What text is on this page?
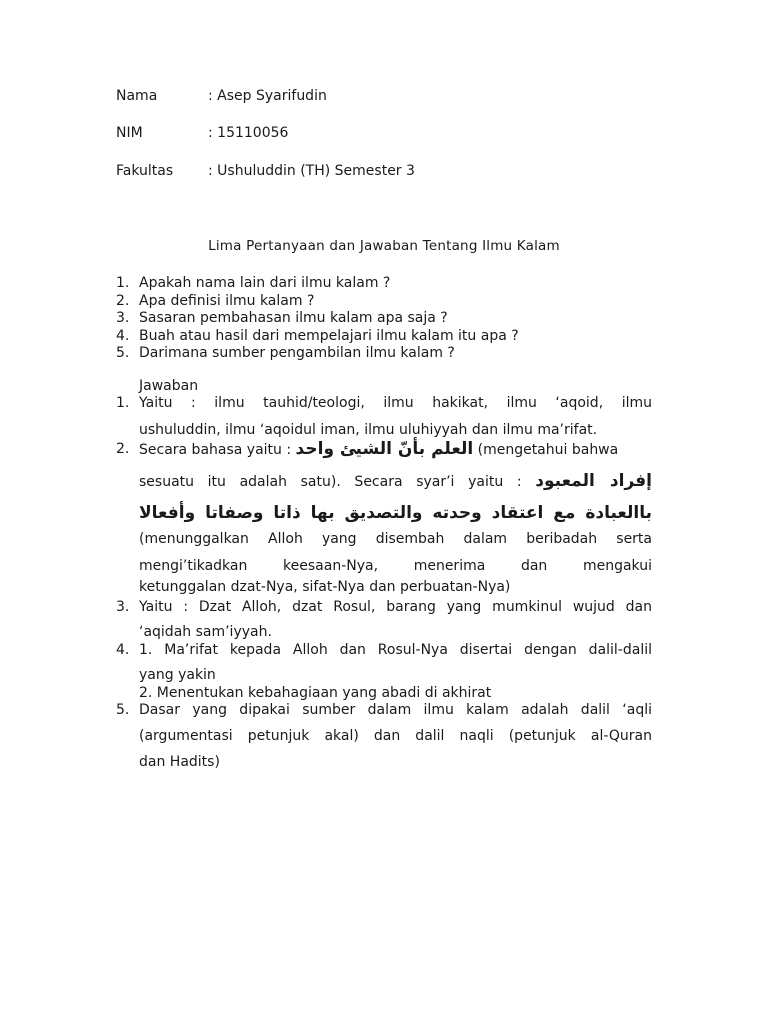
Nama	: Asep Syarifudin
NIM	: 15110056
Fakultas : Ushuluddin (TH) Semester 3
Lima Pertanyaan dan Jawaban Tentang Ilmu Kalam
1. Apakah nama lain dari ilmu kalam ?
2. Apa definisi ilmu kalam ?
3. Sasaran pembahasan ilmu kalam apa saja ?
4. Buah atau hasil dari mempelajari ilmu kalam itu apa ?
5. Darimana sumber pengambilan ilmu kalam ?
Jawaban
1. Yaitu : ilmu tauhid/teologi, ilmu hakikat, ilmu ‘aqoid, ilmu
ushuluddin, ilmu ‘aqoidul iman, ilmu uluhiyyah dan ilmu ma’rifat.
2. Secara bahasa yaitu : العلم بأنّ الشيئ واحد (mengetahui bahwa
sesuatu itu adalah satu). Secara syar’i yaitu : إفراد المعبود
باالعبادة مع اعتقاد وحدته والتصديق بها ذاتا وصفاتا وأفعالا
(menunggalkan Alloh yang disembah dalam beribadah serta
mengi’tikadkan keesaan-Nya, menerima dan mengakui
ketunggalan dzat-Nya, sifat-Nya dan perbuatan-Nya)
3. Yaitu : Dzat Alloh, dzat Rosul, barang yang mumkinul wujud dan
‘aqidah sam’iyyah.
4. 1. Ma’rifat kepada Alloh dan Rosul-Nya disertai dengan dalil-dalil
yang yakin
2. Menentukan kebahagiaan yang abadi di akhirat
5. Dasar yang dipakai sumber dalam ilmu kalam adalah dalil ‘aqli
(argumentasi petunjuk akal) dan dalil naqli (petunjuk al-Quran
dan Hadits)
